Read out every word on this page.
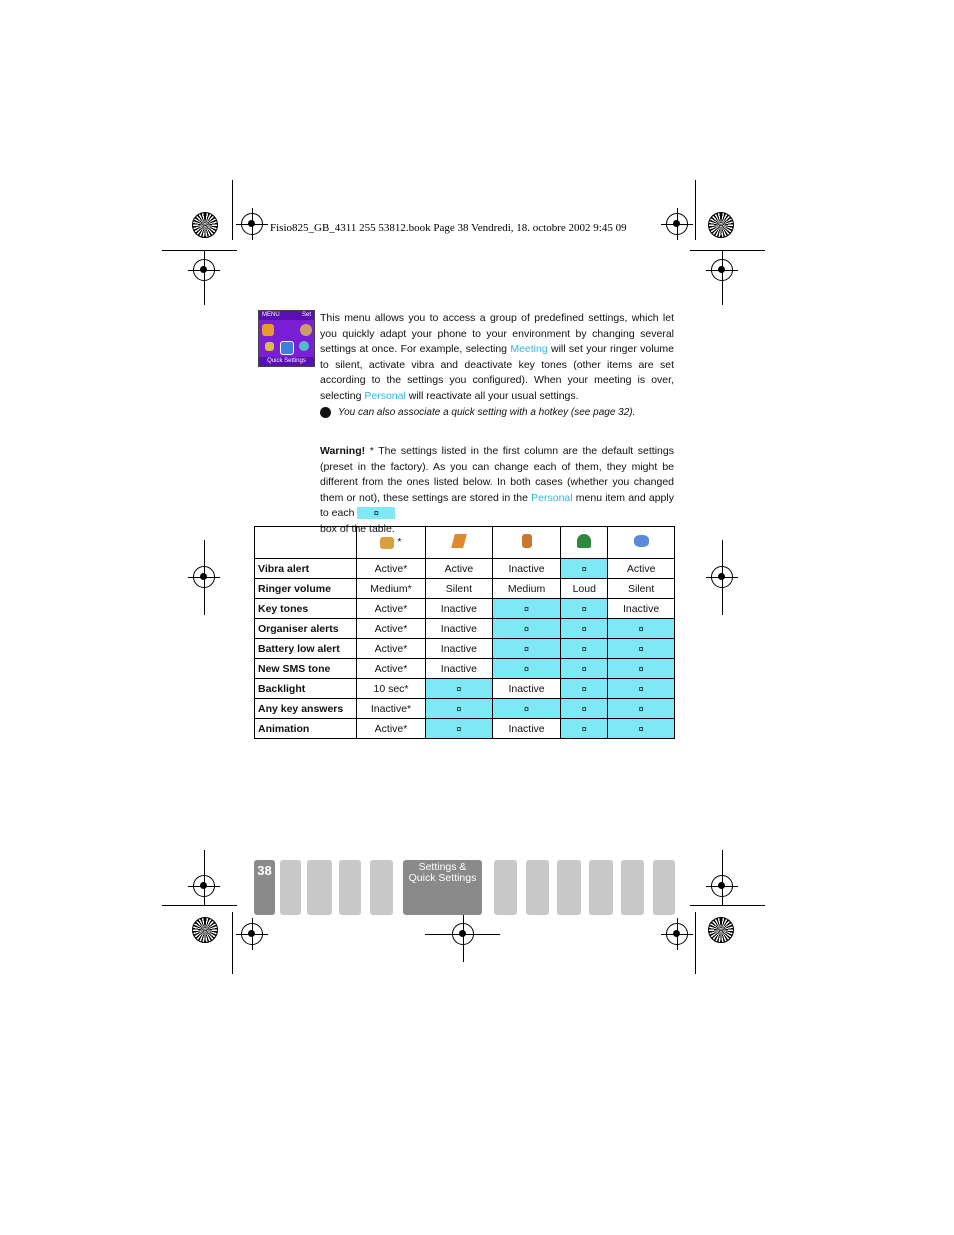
Fisio825_GB_4311 255 53812.book Page 38 Vendredi, 18. octobre 2002 9:45 09
MENU	Set
Quick Settings
This menu allows you to access a group of predefined settings, which let you quickly adapt your phone to your environment by changing several settings at once. For example, selecting Meeting will set your ringer volume to silent, activate vibra and deactivate key tones (other items are set according to the settings you configured). When your meeting is over, selecting Personal will reactivate all your usual settings.
You can also associate a quick setting with a hotkey (see page 32).
Warning! * The settings listed in the first column are the default settings (preset in the factory). As you can change each of them, they might be different from the ones listed below. In both cases (whether you changed them or not), these settings are stored in the Personal menu item and apply to each ¤
box of the table.
	*				
Vibra alert	Active*	Active	Inactive	¤	Active
Ringer volume	Medium*	Silent	Medium	Loud	Silent
Key tones	Active*	Inactive	¤	¤	Inactive
Organiser alerts	Active*	Inactive	¤	¤	¤
Battery low alert	Active*	Inactive	¤	¤	¤
New SMS tone	Active*	Inactive	¤	¤	¤
Backlight	10 sec*	¤	Inactive	¤	¤
Any key answers	Inactive*	¤	¤	¤	¤
Animation	Active*	¤	Inactive	¤	¤
38	Settings &
Quick Settings
